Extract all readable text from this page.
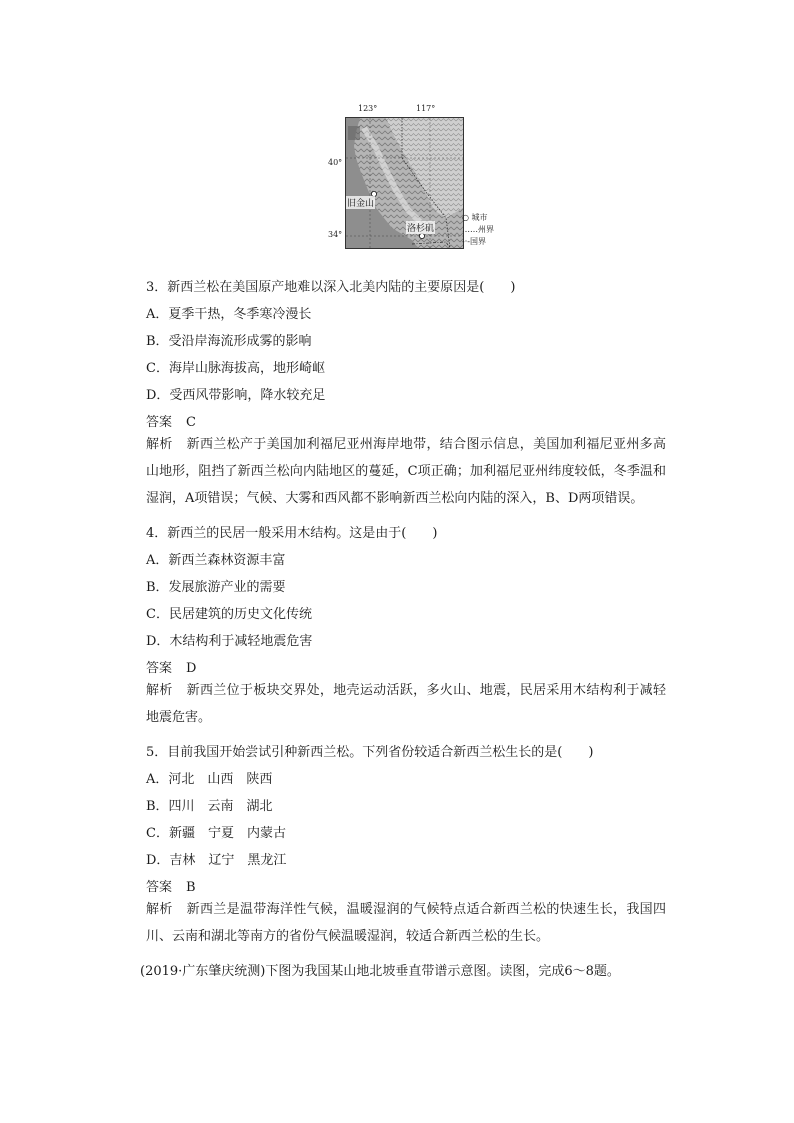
123°	117°
40°
34°
旧金山
洛杉矶
○ 城市
……州界
-·-国界
3．新西兰松在美国原产地难以深入北美内陆的主要原因是(　　)
A．夏季干热，冬季寒冷漫长
B．受沿岸海流形成雾的影响
C．海岸山脉海拔高，地形崎岖
D．受西风带影响，降水较充足
答案 C
解析 新西兰松产于美国加利福尼亚州海岸地带，结合图示信息，美国加利福尼亚州多高山地形，阻挡了新西兰松向内陆地区的蔓延，C项正确；加利福尼亚州纬度较低，冬季温和湿润，A项错误；气候、大雾和西风都不影响新西兰松向内陆的深入，B、D两项错误。
4．新西兰的民居一般采用木结构。这是由于(　　)
A．新西兰森林资源丰富
B．发展旅游产业的需要
C．民居建筑的历史文化传统
D．木结构利于减轻地震危害
答案 D
解析 新西兰位于板块交界处，地壳运动活跃，多火山、地震，民居采用木结构利于减轻地震危害。
5．目前我国开始尝试引种新西兰松。下列省份较适合新西兰松生长的是(　　)
A．河北　山西　陕西
B．四川　云南　湖北
C．新疆　宁夏　内蒙古
D．吉林　辽宁　黑龙江
答案 B
解析 新西兰是温带海洋性气候，温暖湿润的气候特点适合新西兰松的快速生长，我国四川、云南和湖北等南方的省份气候温暖湿润，较适合新西兰松的生长。
(2019·广东肇庆统测)下图为我国某山地北坡垂直带谱示意图。读图，完成6～8题。
